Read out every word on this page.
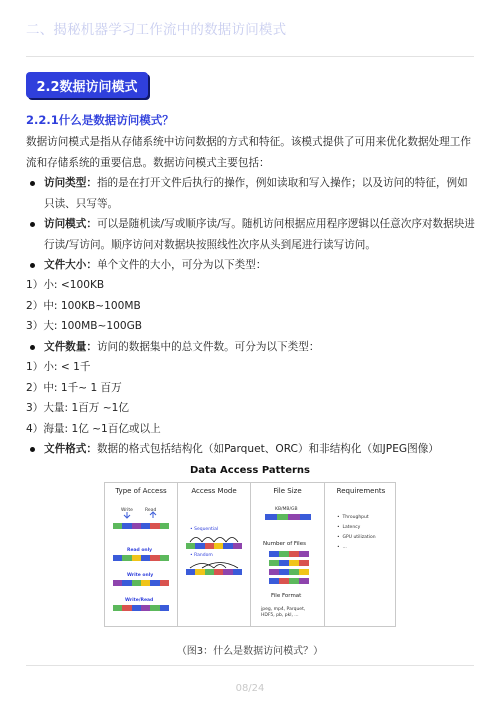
二、揭秘机器学习工作流中的数据访问模式
2.2数据访问模式
2.2.1什么是数据访问模式？
数据访问模式是指从存储系统中访问数据的方式和特征。该模式提供了可用来优化数据处理工作流和存储系统的重要信息。数据访问模式主要包括：
访问类型：指的是在打开文件后执行的操作，例如读取和写入操作；以及访问的特征，例如只读、只写等。
访问模式：可以是随机读/写或顺序读/写。随机访问根据应用程序逻辑以任意次序对数据块进行读/写访问。顺序访问对数据块按照线性次序从头到尾进行读写访问。
文件大小：单个文件的大小，可分为以下类型：
1）小: <100KB
2）中: 100KB~100MB
3）大: 100MB~100GB
文件数量：访问的数据集中的总文件数。可分为以下类型：
1）小: < 1千
2）中: 1千~ 1 百万
3）大量: 1百万 ~1亿
4）海量: 1亿 ~1百亿或以上
文件格式：数据的格式包括结构化（如Parquet、ORC）和非结构化（如JPEG图像）
Data Access Patterns
Type of Access
Write	Read
Read only
Write only
Write/Read
Access Mode
• Sequential
• Random
File Size
KB/MB/GB
Number of Files
File Format
jpeg, mp4, Parquet, HDF5, pb, pkl, ...
Requirements
•  Throughput
•  Latency
•  GPU utilization
•  ...
（图3：什么是数据访问模式？）
08/24
